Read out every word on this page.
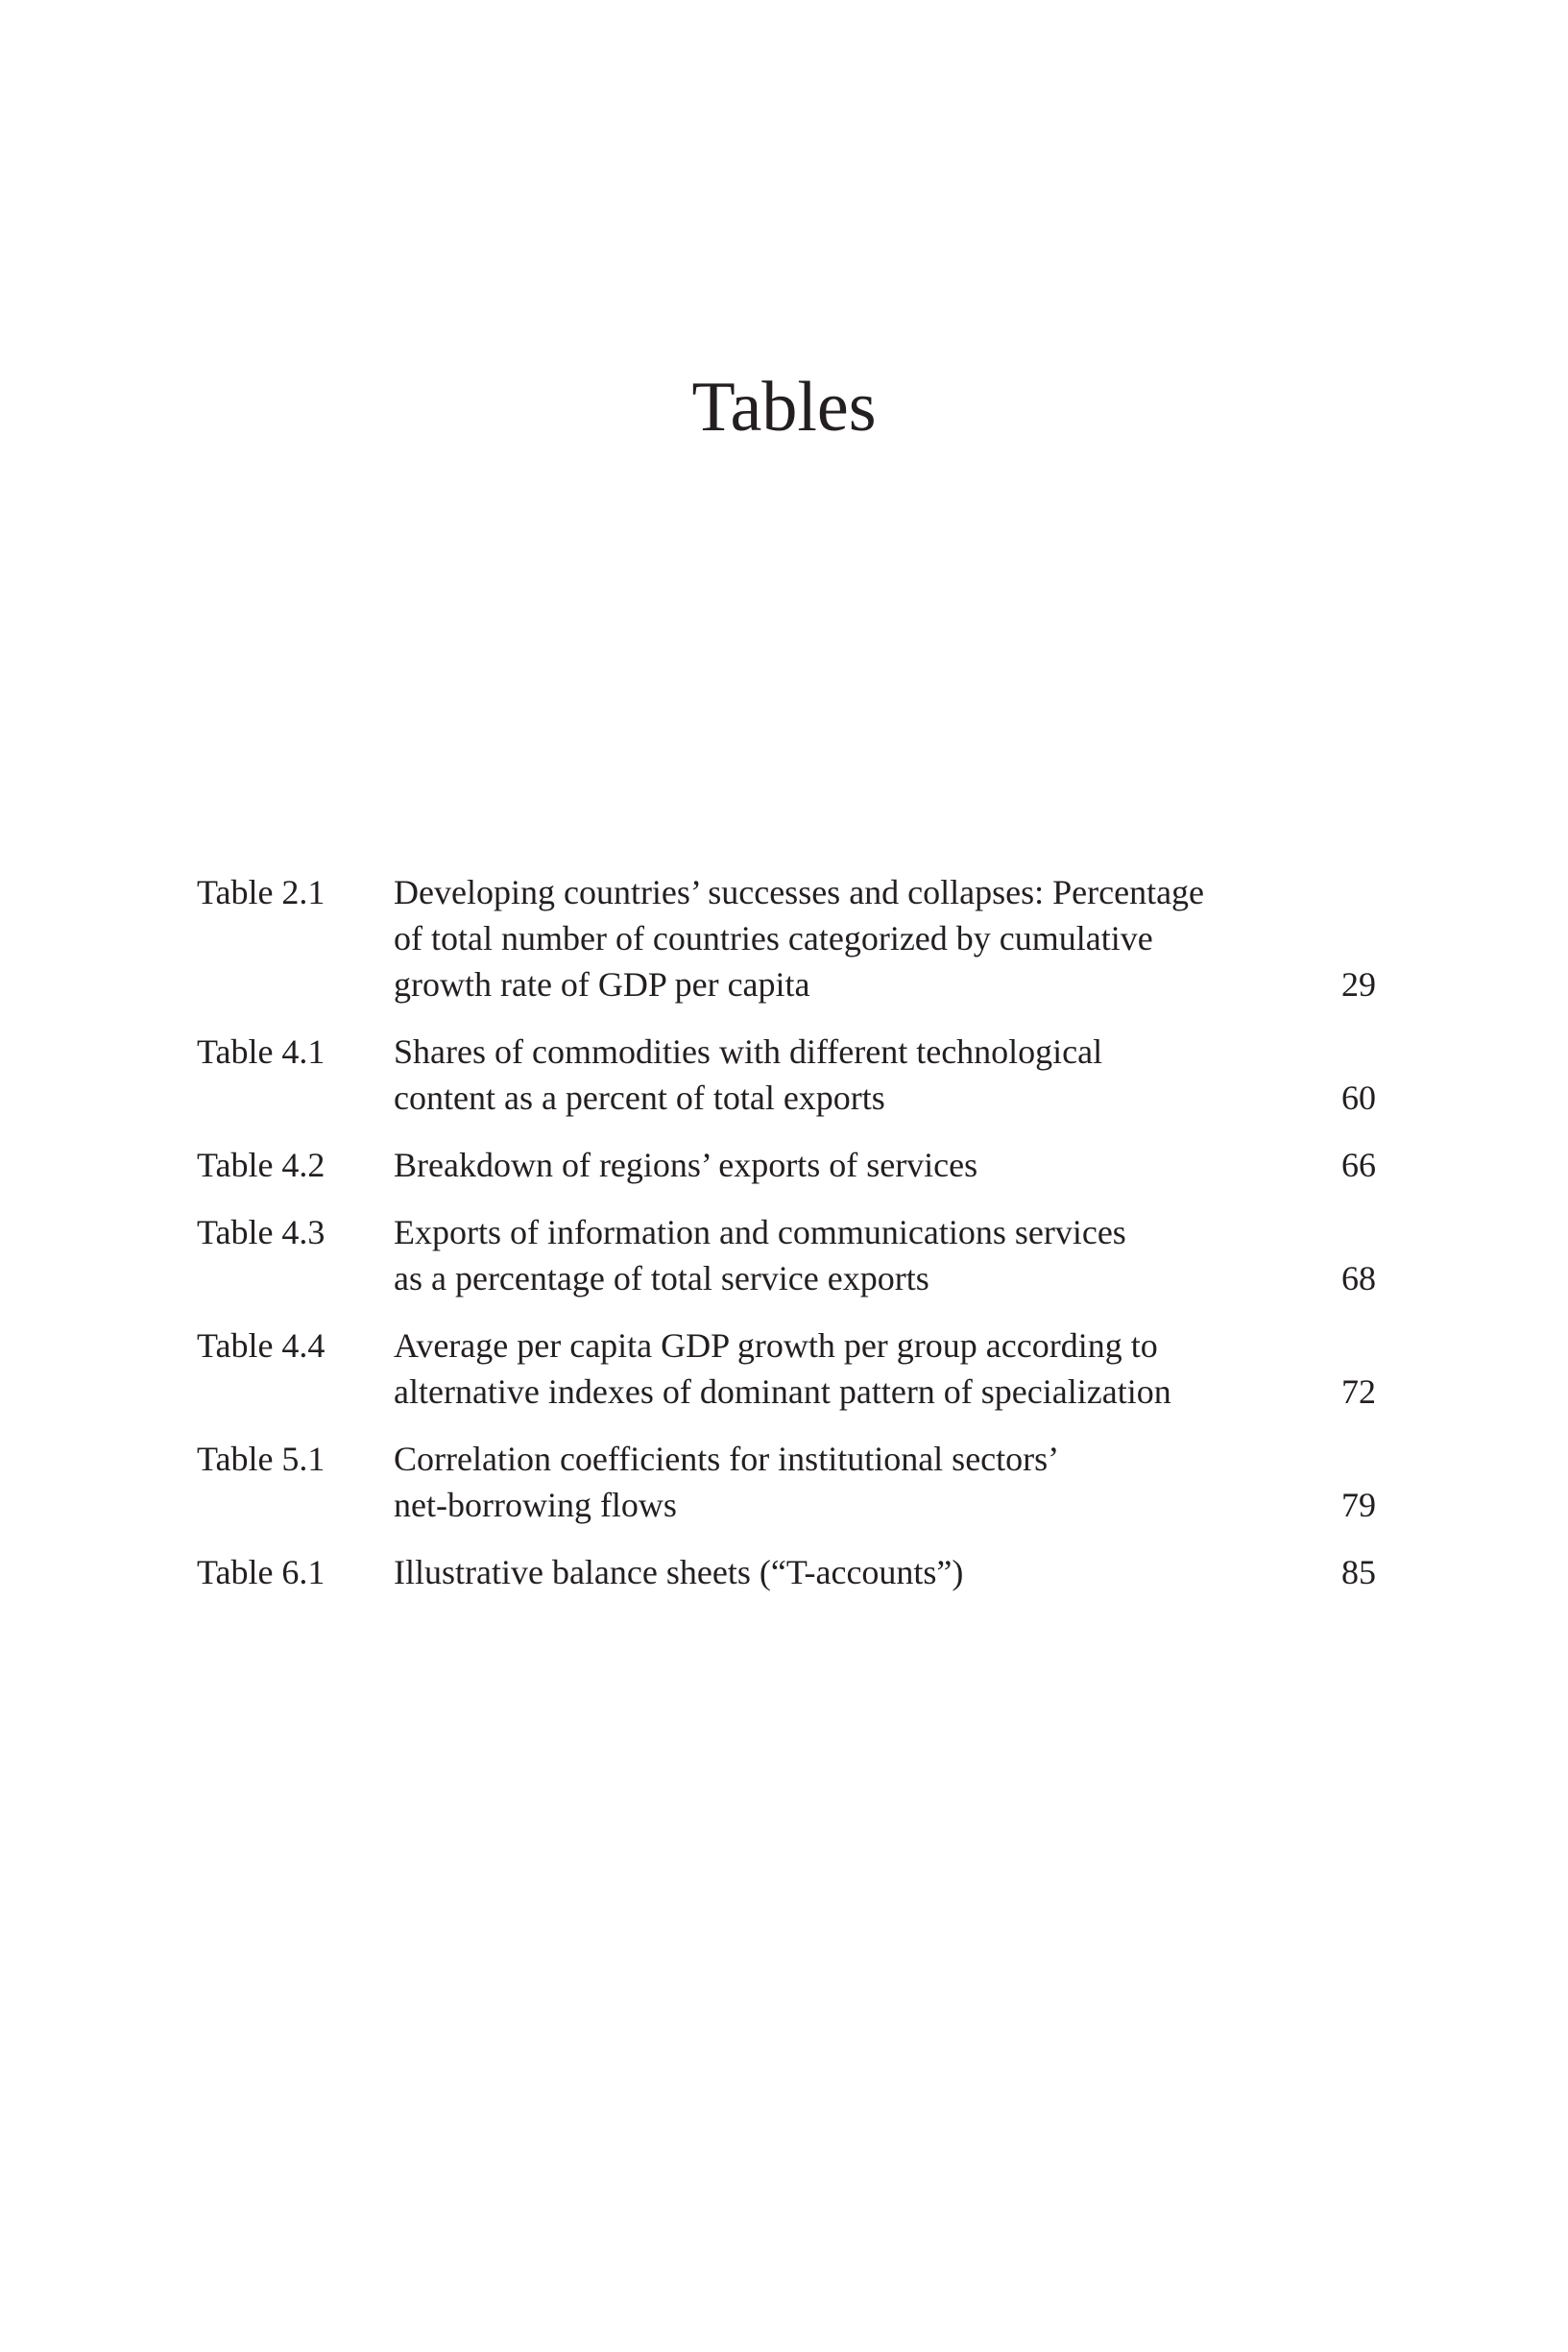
Tables
Table 2.1	Developing countries’ successes and collapses: Percentage
of total number of countries categorized by cumulative
growth rate of GDP per capita	29
Table 4.1	Shares of commodities with different technological
content as a percent of total exports	60
Table 4.2	Breakdown of regions’ exports of services	66
Table 4.3	Exports of information and communications services
as a percentage of total service exports	68
Table 4.4	Average per capita GDP growth per group according to
alternative indexes of dominant pattern of specialization	72
Table 5.1	Correlation coefficients for institutional sectors’
net-borrowing flows	79
Table 6.1	Illustrative balance sheets (“T-accounts”)	85
